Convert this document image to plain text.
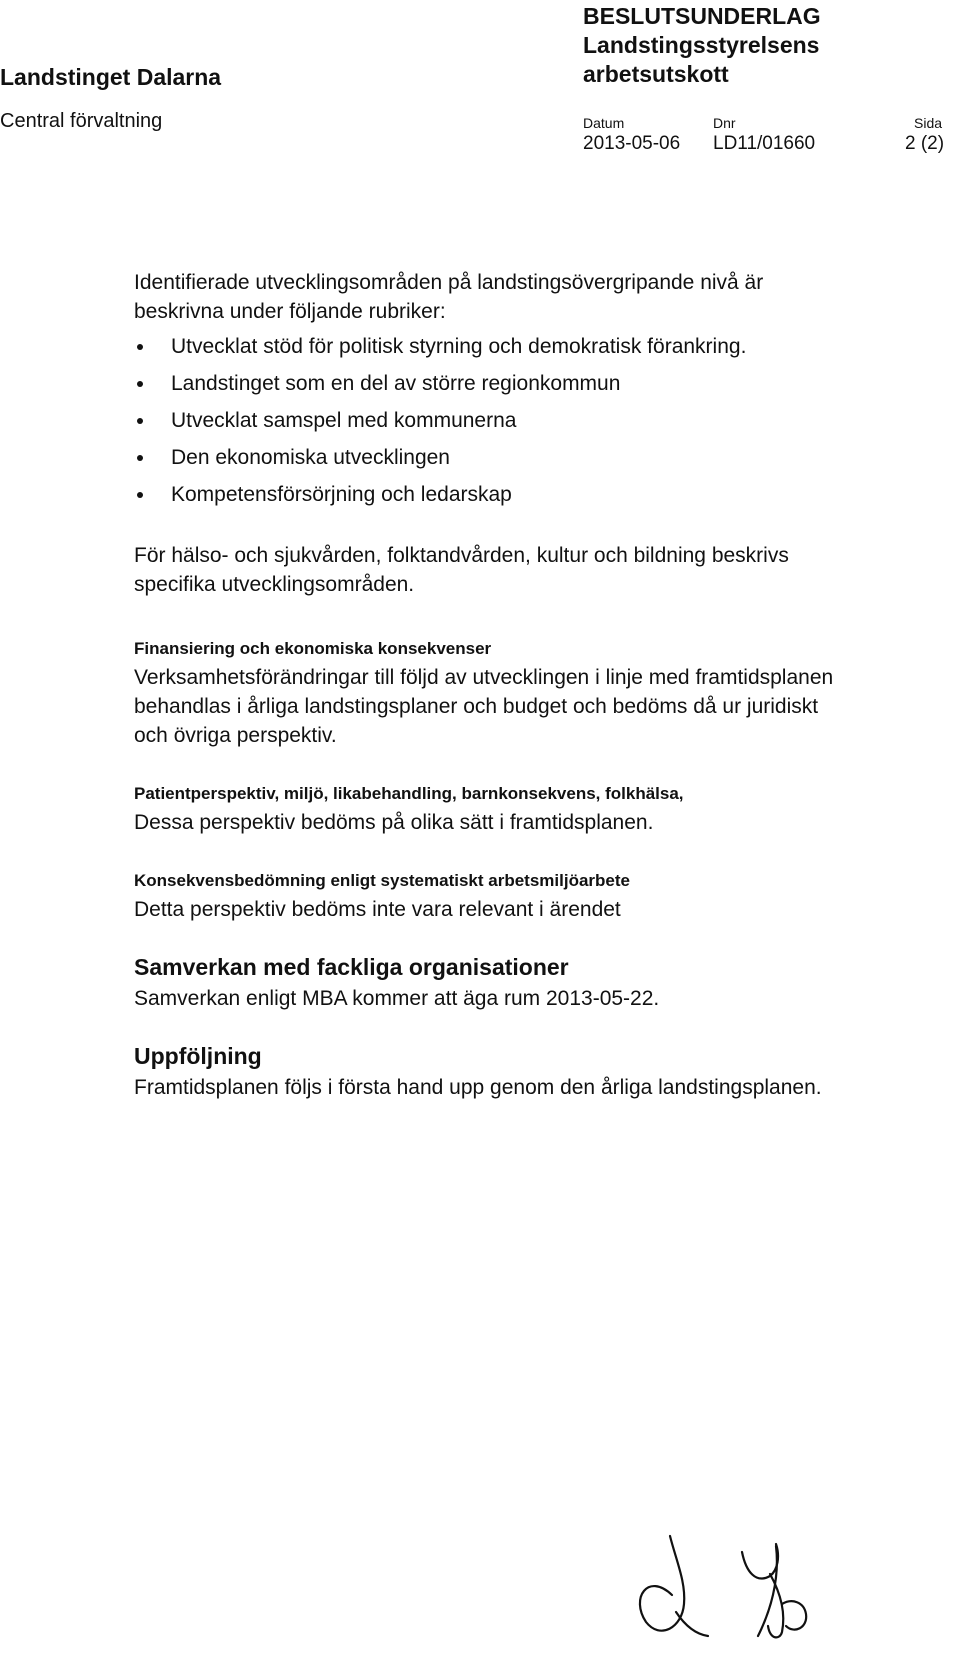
Landstinget Dalarna
Central förvaltning
BESLUTSUNDERLAG
Landstingsstyrelsens
arbetsutskott
Datum	Dnr	Sida
2013-05-06 LD11/01660	2 (2)

Identifierade utvecklingsområden på landstingsövergripande nivå är

beskrivna under följande rubriker:

Utvecklat stöd för politisk styrning och demokratisk förankring.
Landstinget som en del av större regionkommun
Utvecklat samspel med kommunerna
Den ekonomiska utvecklingen
Kompetensförsörjning och ledarskap

För hälso- och sjukvården, folktandvården, kultur och bildning beskrivs

specifika utvecklingsområden.

Finansiering och ekonomiska konsekvenser

Verksamhetsförändringar till följd av utvecklingen i linje med framtidsplanen

behandlas i årliga landstingsplaner och budget och bedöms då ur juridiskt

och övriga perspektiv.

Patientperspektiv, miljö, likabehandling, barnkonsekvens, folkhälsa,

Dessa perspektiv bedöms på olika sätt i framtidsplanen.

Konsekvensbedömning enligt systematiskt arbetsmiljöarbete

Detta perspektiv bedöms inte vara relevant i ärendet

Samverkan med fackliga organisationer

Samverkan enligt MBA kommer att äga rum 2013-05-22.

Uppföljning

Framtidsplanen följs i första hand upp genom den årliga landstingsplanen.
